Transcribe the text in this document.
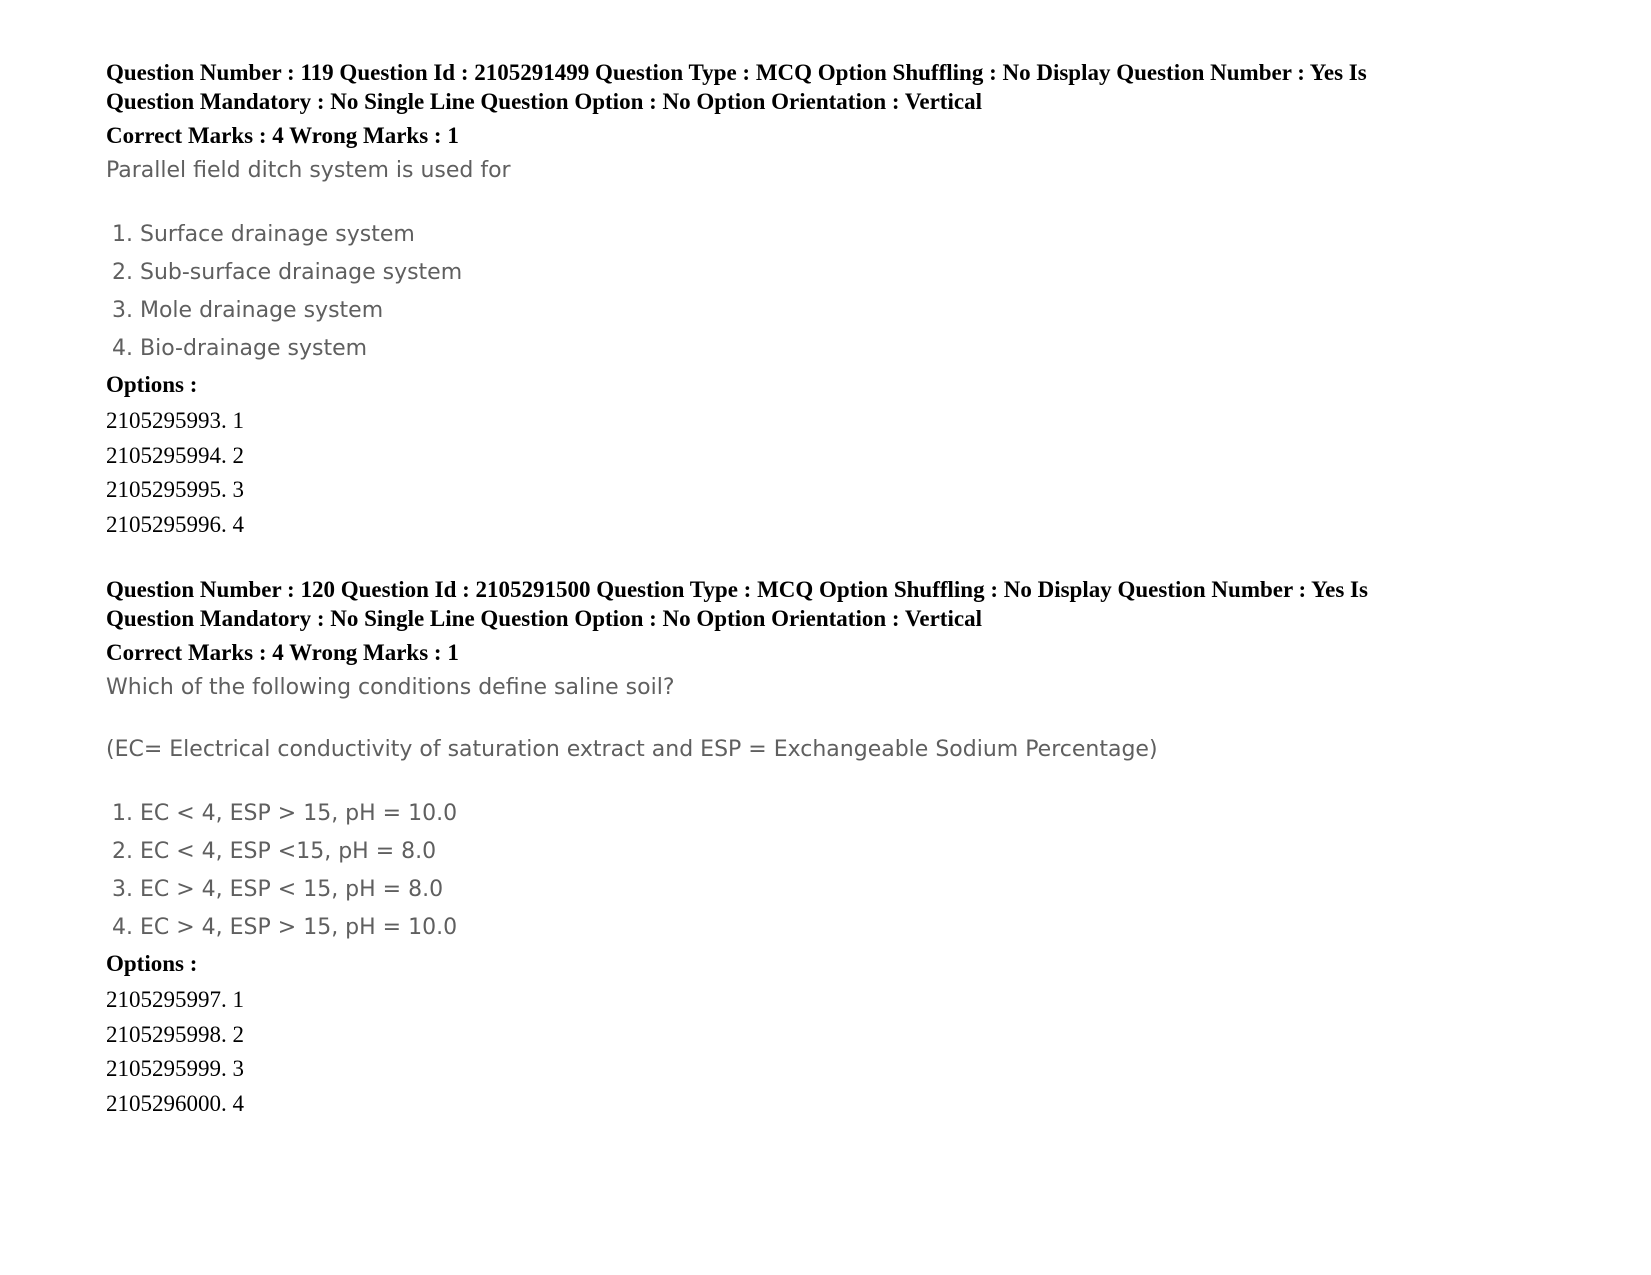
Question Number : 119 Question Id : 2105291499 Question Type : MCQ Option Shuffling : No Display Question Number : Yes Is
Question Mandatory : No Single Line Question Option : No Option Orientation : Vertical
Correct Marks : 4 Wrong Marks : 1
Parallel field ditch system is used for
1. Surface drainage system
2. Sub-surface drainage system
3. Mole drainage system
4. Bio-drainage system
Options :
2105295993. 1
2105295994. 2
2105295995. 3
2105295996. 4
Question Number : 120 Question Id : 2105291500 Question Type : MCQ Option Shuffling : No Display Question Number : Yes Is
Question Mandatory : No Single Line Question Option : No Option Orientation : Vertical
Correct Marks : 4 Wrong Marks : 1
Which of the following conditions define saline soil?
(EC= Electrical conductivity of saturation extract and ESP = Exchangeable Sodium Percentage)
1. EC < 4, ESP > 15, pH = 10.0
2. EC < 4, ESP <15, pH = 8.0
3. EC > 4, ESP < 15, pH = 8.0
4. EC > 4, ESP > 15, pH = 10.0
Options :
2105295997. 1
2105295998. 2
2105295999. 3
2105296000. 4
